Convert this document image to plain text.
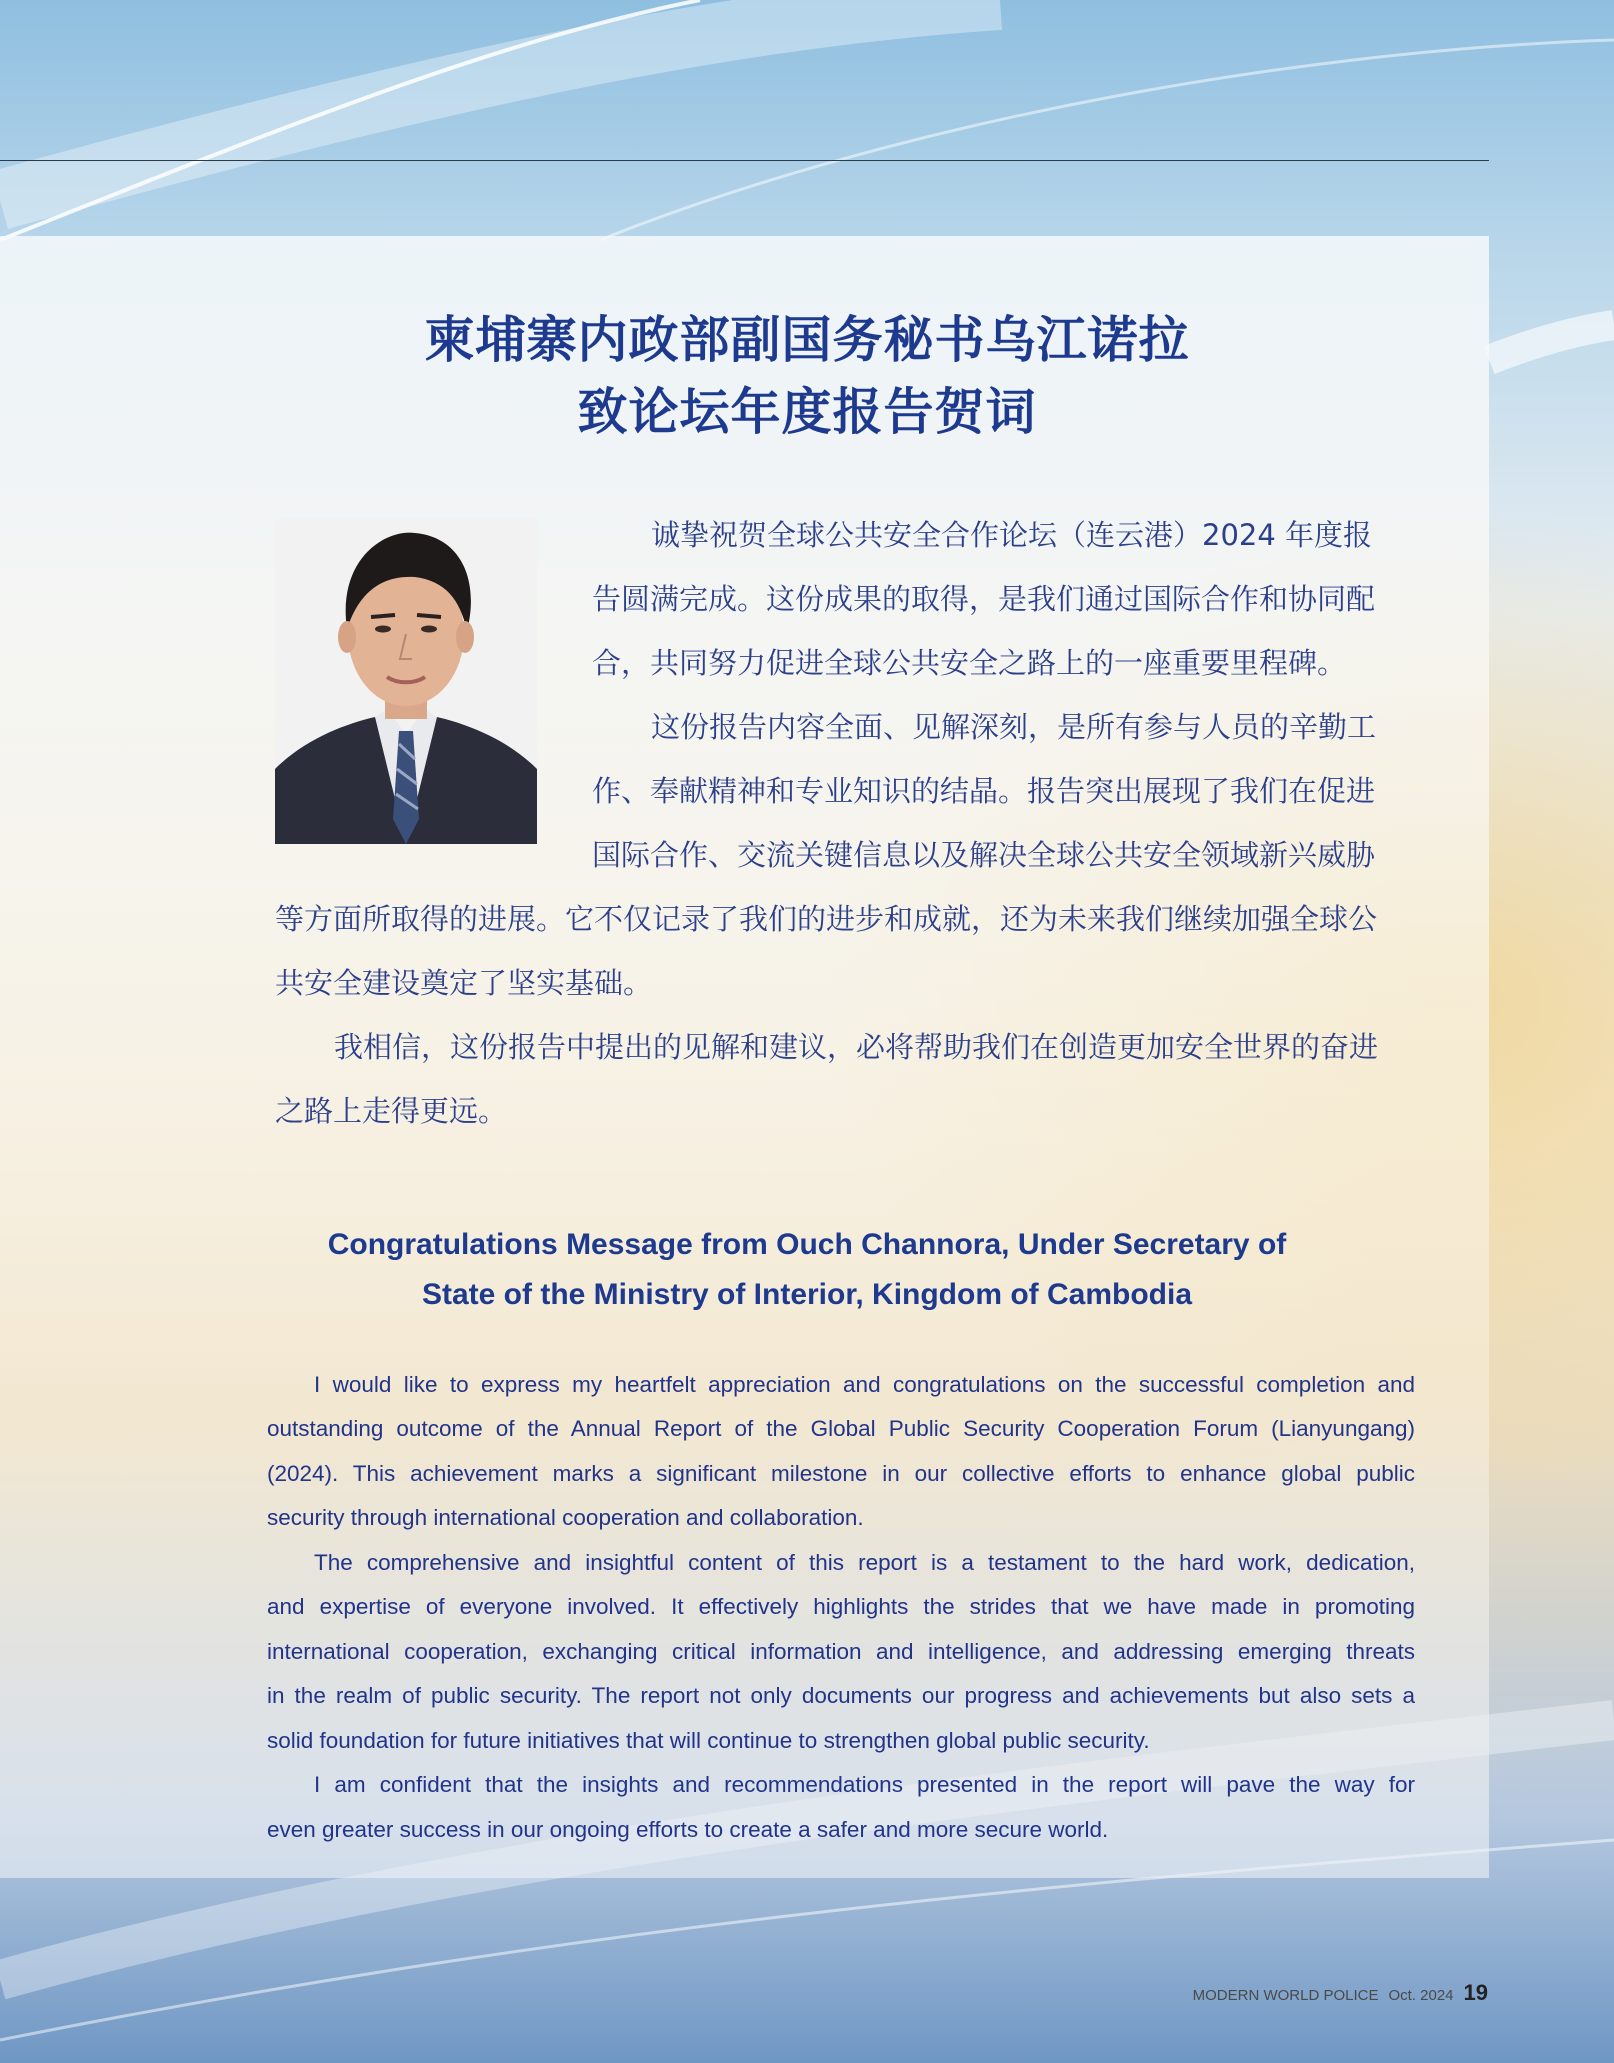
柬埔寨内政部副国务秘书乌江诺拉
致论坛年度报告贺词
诚挚祝贺全球公共安全合作论坛（连云港）2024 年度报
告圆满完成。这份成果的取得，是我们通过国际合作和协同配
合，共同努力促进全球公共安全之路上的一座重要里程碑。
这份报告内容全面、见解深刻，是所有参与人员的辛勤工
作、奉献精神和专业知识的结晶。报告突出展现了我们在促进
国际合作、交流关键信息以及解决全球公共安全领域新兴威胁
等方面所取得的进展。它不仅记录了我们的进步和成就，还为未来我们继续加强全球公
共安全建设奠定了坚实基础。
我相信，这份报告中提出的见解和建议，必将帮助我们在创造更加安全世界的奋进
之路上走得更远。
Congratulations Message from Ouch Channora, Under Secretary of
State of the Ministry of Interior, Kingdom of Cambodia
I would like to express my heartfelt appreciation and congratulations on the successful completion and
outstanding outcome of the Annual Report of the Global Public Security Cooperation Forum (Lianyungang)
(2024). This achievement marks a significant milestone in our collective efforts to enhance global public
security through international cooperation and collaboration.
The comprehensive and insightful content of this report is a testament to the hard work, dedication,
and expertise of everyone involved. It effectively highlights the strides that we have made in promoting
international cooperation, exchanging critical information and intelligence, and addressing emerging threats
in the realm of public security. The report not only documents our progress and achievements but also sets a
solid foundation for future initiatives that will continue to strengthen global public security.
I am confident that the insights and recommendations presented in the report will pave the way for
even greater success in our ongoing efforts to create a safer and more secure world.
MODERN WORLD POLICE Oct. 2024 19
